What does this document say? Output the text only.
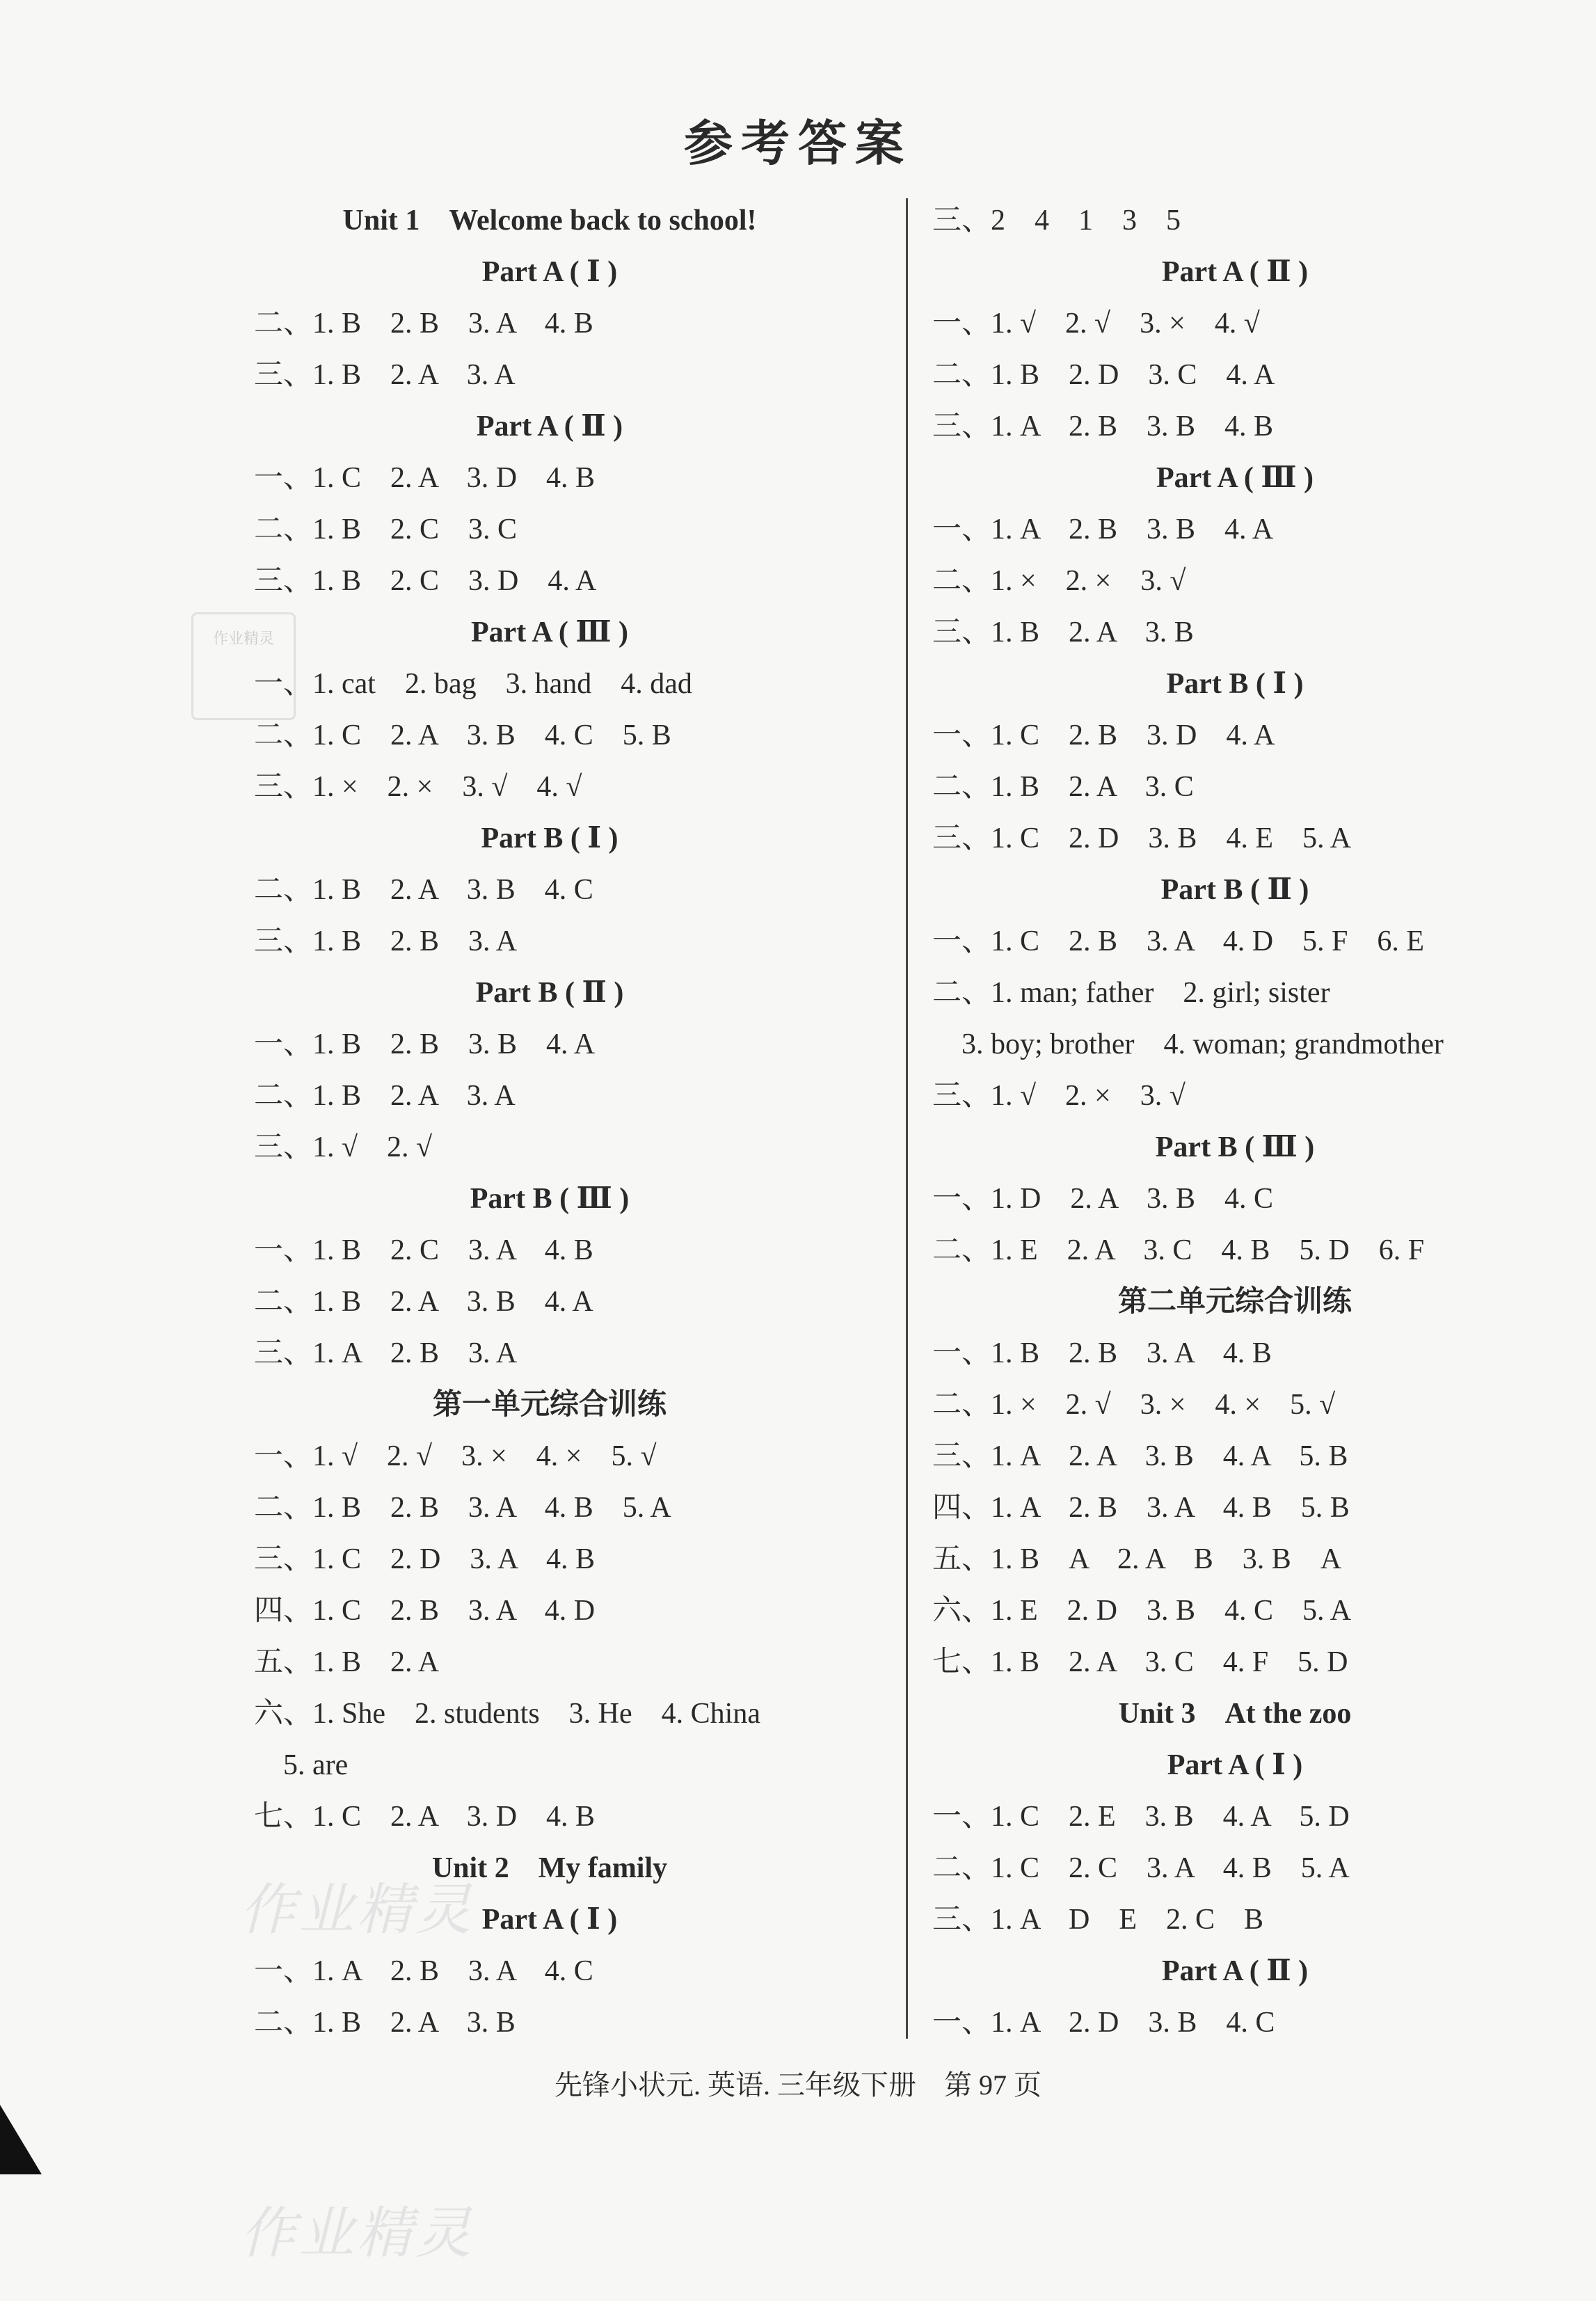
参考答案
Unit 1　Welcome back to school!
Part A ( Ⅰ )
二、1. B　2. B　3. A　4. B
三、1. B　2. A　3. A
Part A ( Ⅱ )
一、1. C　2. A　3. D　4. B
二、1. B　2. C　3. C
三、1. B　2. C　3. D　4. A
Part A ( Ⅲ )
一、1. cat　2. bag　3. hand　4. dad
二、1. C　2. A　3. B　4. C　5. B
三、1. ×　2. ×　3. √　4. √
Part B ( Ⅰ )
二、1. B　2. A　3. B　4. C
三、1. B　2. B　3. A
Part B ( Ⅱ )
一、1. B　2. B　3. B　4. A
二、1. B　2. A　3. A
三、1. √　2. √
Part B ( Ⅲ )
一、1. B　2. C　3. A　4. B
二、1. B　2. A　3. B　4. A
三、1. A　2. B　3. A
第一单元综合训练
一、1. √　2. √　3. ×　4. ×　5. √
二、1. B　2. B　3. A　4. B　5. A
三、1. C　2. D　3. A　4. B
四、1. C　2. B　3. A　4. D
五、1. B　2. A
六、1. She　2. students　3. He　4. China
　5. are
七、1. C　2. A　3. D　4. B
Unit 2　My family
Part A ( Ⅰ )
一、1. A　2. B　3. A　4. C
二、1. B　2. A　3. B
三、2　4　1　3　5
Part A ( Ⅱ )
一、1. √　2. √　3. ×　4. √
二、1. B　2. D　3. C　4. A
三、1. A　2. B　3. B　4. B
Part A ( Ⅲ )
一、1. A　2. B　3. B　4. A
二、1. ×　2. ×　3. √
三、1. B　2. A　3. B
Part B ( Ⅰ )
一、1. C　2. B　3. D　4. A
二、1. B　2. A　3. C
三、1. C　2. D　3. B　4. E　5. A
Part B ( Ⅱ )
一、1. C　2. B　3. A　4. D　5. F　6. E
二、1. man; father　2. girl; sister
　3. boy; brother　4. woman; grandmother
三、1. √　2. ×　3. √
Part B ( Ⅲ )
一、1. D　2. A　3. B　4. C
二、1. E　2. A　3. C　4. B　5. D　6. F
第二单元综合训练
一、1. B　2. B　3. A　4. B
二、1. ×　2. √　3. ×　4. ×　5. √
三、1. A　2. A　3. B　4. A　5. B
四、1. A　2. B　3. A　4. B　5. B
五、1. B　A　2. A　B　3. B　A
六、1. E　2. D　3. B　4. C　5. A
七、1. B　2. A　3. C　4. F　5. D
Unit 3　At the zoo
Part A ( Ⅰ )
一、1. C　2. E　3. B　4. A　5. D
二、1. C　2. C　3. A　4. B　5. A
三、1. A　D　E　2. C　B
Part A ( Ⅱ )
一、1. A　2. D　3. B　4. C
先锋小状元. 英语. 三年级下册　第 97 页
作业精灵
作业精灵
作业精灵
